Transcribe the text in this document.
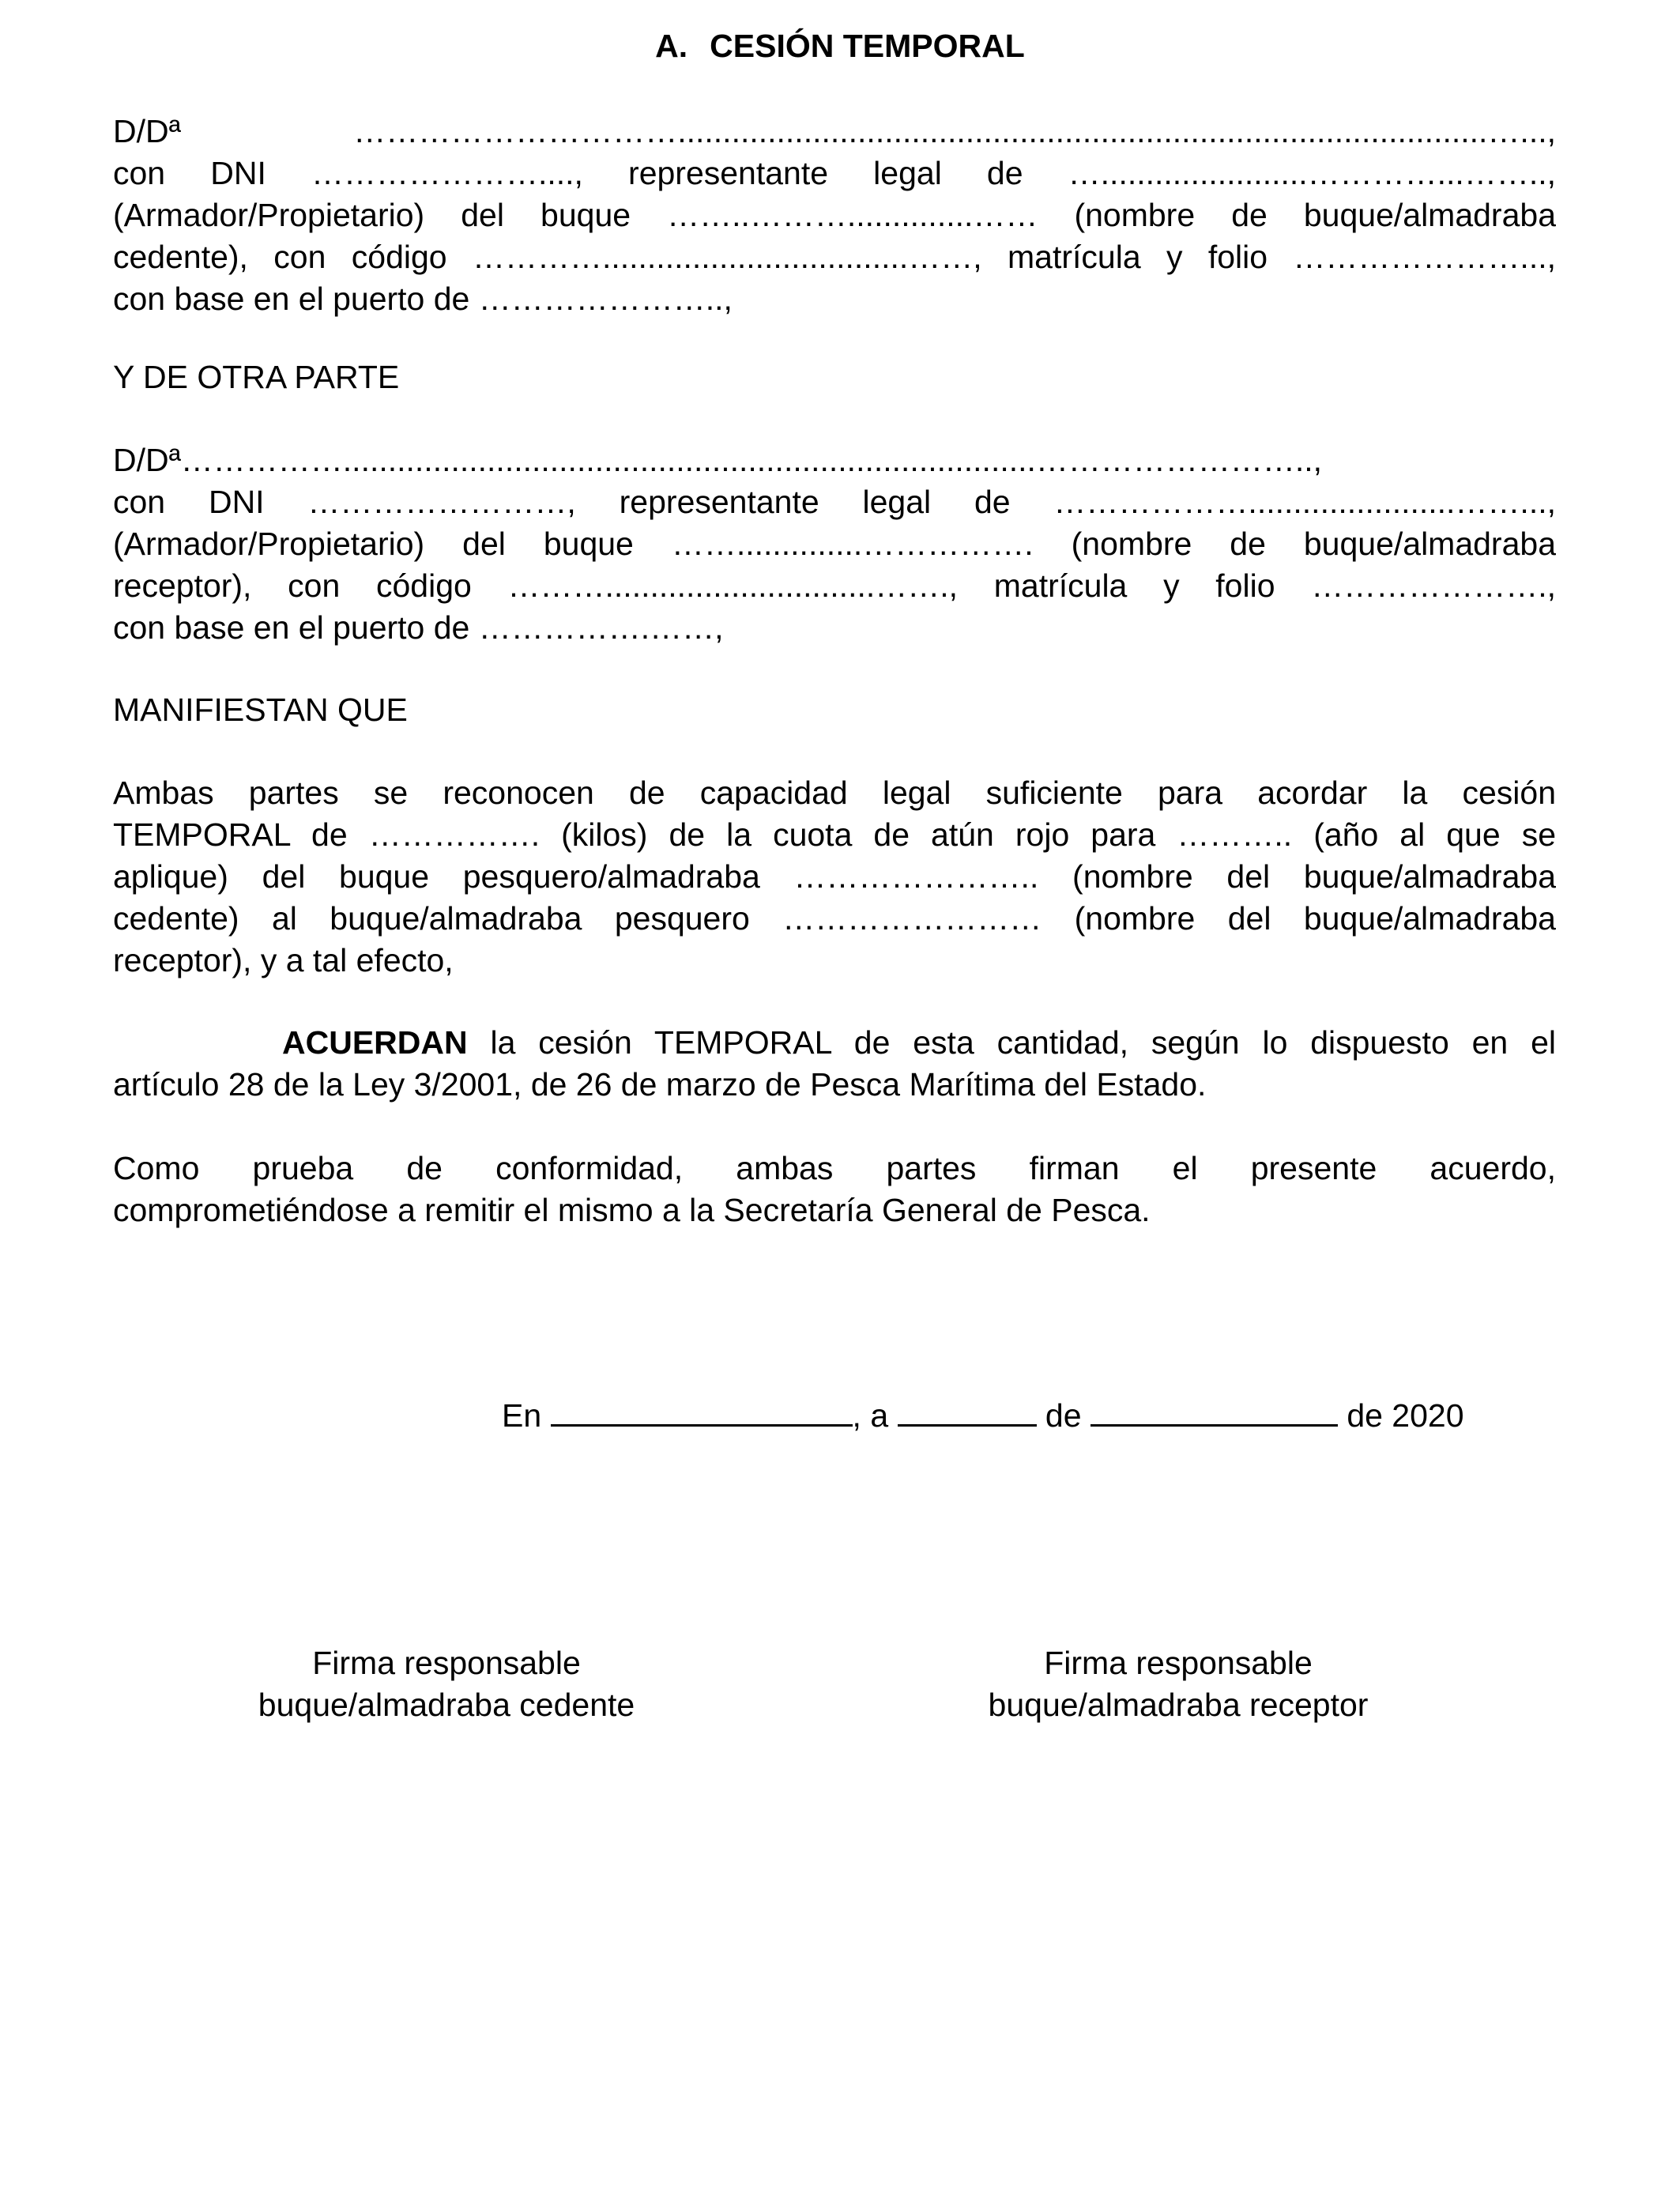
A. CESIÓN TEMPORAL
D/Dª …………………………..........................................................................................…...,
con DNI …………………...., representante legal de ….......................…………...……..,
(Armador/Propietario) del buque ……..………..............…… (nombre de buque/almadraba
cedente), con código …………..................................……, matrícula y folio …………………...,
con base en el puerto de …………………..,
Y DE OTRA PARTE
D/Dª…………….............................................................................……………………..,
con DNI ……………………, representante legal de ……………….......................……...,
(Armador/Propietario) del buque ……..............……………. (nombre de buque/almadraba
receptor), con código ………..............................……., matrícula y folio ………………….,
con base en el puerto de …………….……,
MANIFIESTAN QUE
Ambas partes se reconocen de capacidad legal suficiente para acordar la cesión
TEMPORAL de ……………. (kilos) de la cuota de atún rojo para ……….. (año al que se
aplique) del buque pesquero/almadraba ………………….. (nombre del buque/almadraba
cedente) al buque/almadraba pesquero …………………… (nombre del buque/almadraba
receptor), y a tal efecto,
ACUERDAN la cesión TEMPORAL de esta cantidad, según lo dispuesto en el
artículo 28 de la Ley 3/2001, de 26 de marzo de Pesca Marítima del Estado.
Como prueba de conformidad, ambas partes firman el presente acuerdo,
comprometiéndose a remitir el mismo a la Secretaría General de Pesca.
En	, a	de	de 2020
Firma responsable
buque/almadraba cedente
Firma responsable
buque/almadraba receptor
